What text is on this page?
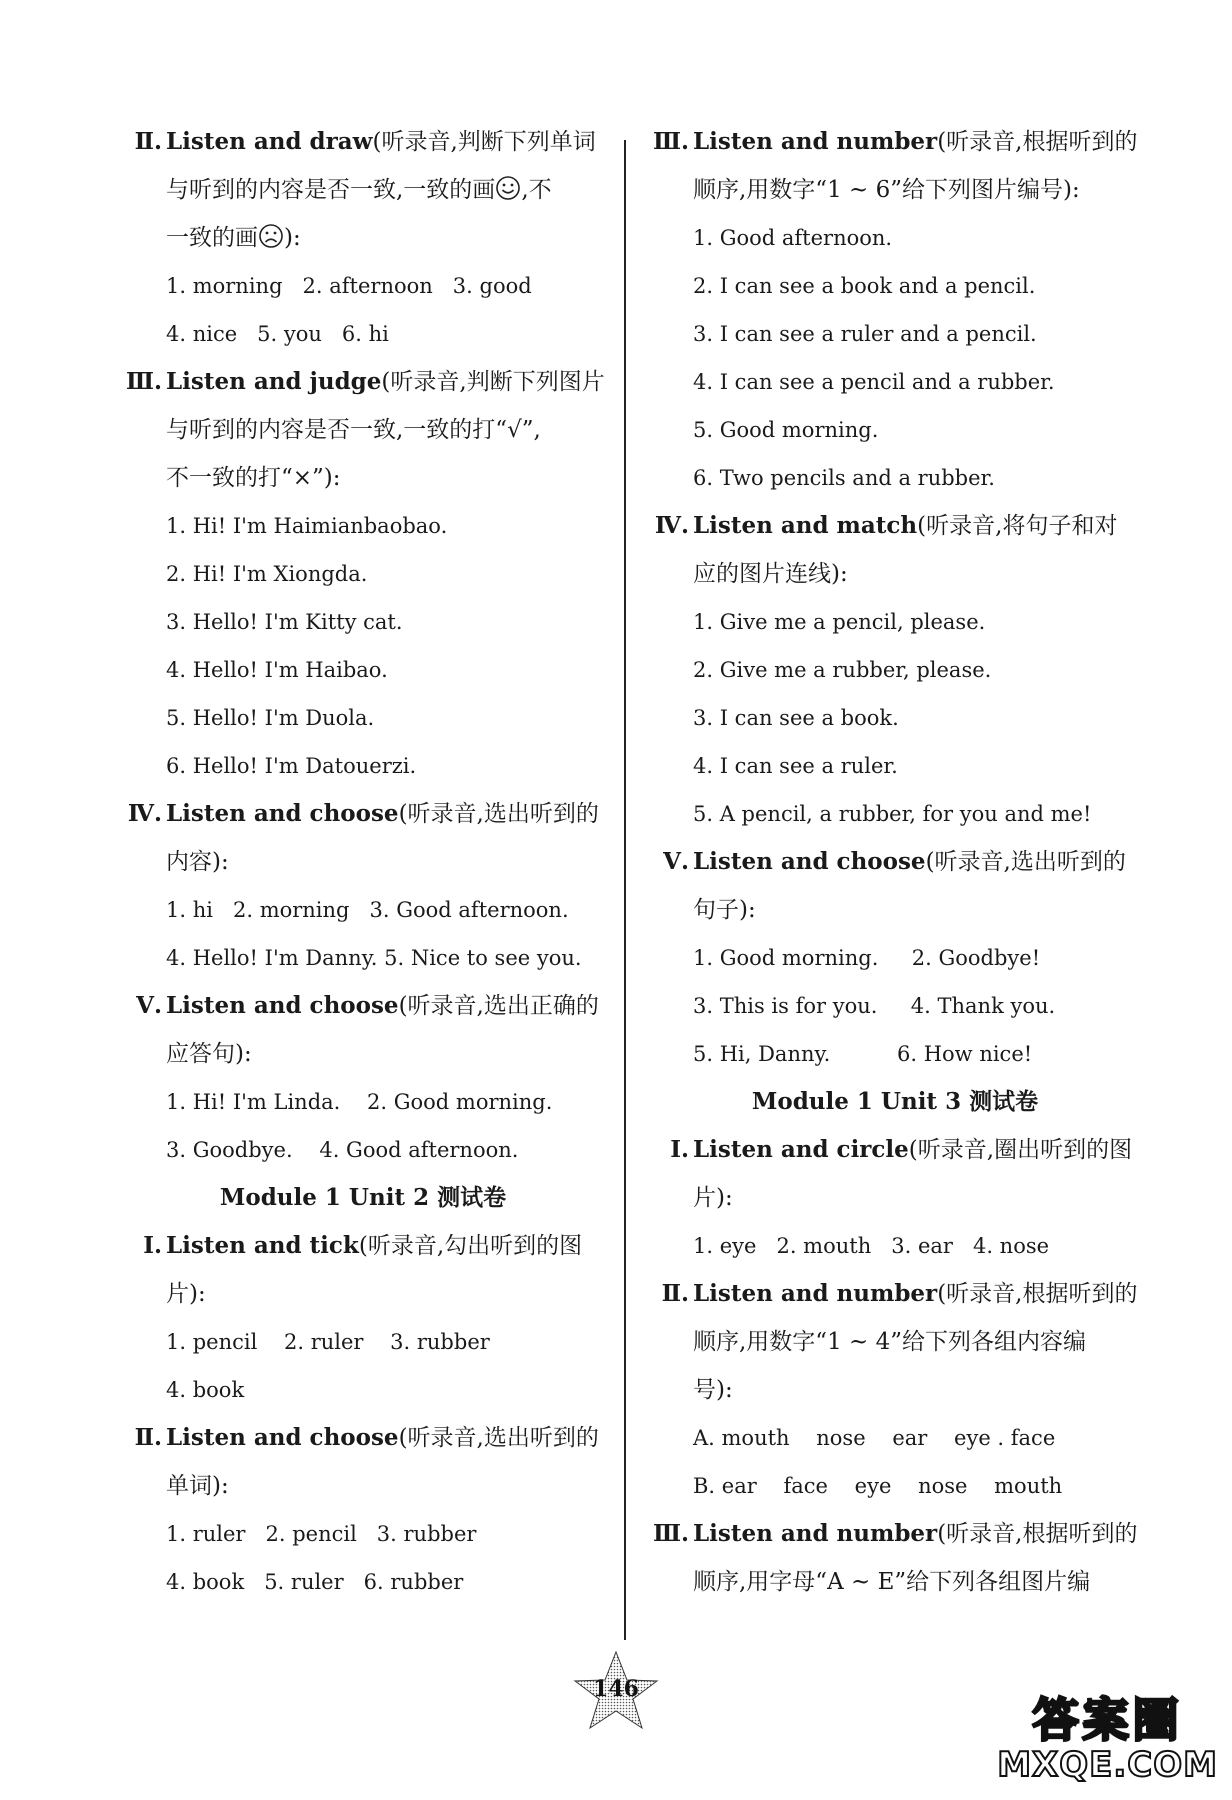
Ⅱ. Listen and draw(听录音,判断下列单词
与听到的内容是否一致,一致的画 ,不
一致的画 ):
1. morning   2. afternoon   3. good
4. nice   5. you   6. hi
Ⅲ. Listen and judge(听录音,判断下列图片
与听到的内容是否一致,一致的打“√”,
不一致的打“×”):
1. Hi! I'm Haimianbaobao.
2. Hi! I'm Xiongda.
3. Hello! I'm Kitty cat.
4. Hello! I'm Haibao.
5. Hello! I'm Duola.
6. Hello! I'm Datouerzi.
Ⅳ. Listen and choose(听录音,选出听到的
内容):
1. hi   2. morning   3. Good afternoon.
4. Hello! I'm Danny. 5. Nice to see you.
Ⅴ. Listen and choose(听录音,选出正确的
应答句):
1. Hi! I'm Linda.    2. Good morning.
3. Goodbye.    4. Good afternoon.
Module 1 Unit 2 测试卷
Ⅰ. Listen and tick(听录音,勾出听到的图
片):
1. pencil    2. ruler    3. rubber
4. book
Ⅱ. Listen and choose(听录音,选出听到的
单词):
1. ruler   2. pencil   3. rubber
4. book   5. ruler   6. rubber
Ⅲ. Listen and number(听录音,根据听到的
顺序,用数字“1 ~ 6”给下列图片编号):
1. Good afternoon.
2. I can see a book and a pencil.
3. I can see a ruler and a pencil.
4. I can see a pencil and a rubber.
5. Good morning.
6. Two pencils and a rubber.
Ⅳ. Listen and match(听录音,将句子和对
应的图片连线):
1. Give me a pencil, please.
2. Give me a rubber, please.
3. I can see a book.
4. I can see a ruler.
5. A pencil, a rubber, for you and me!
Ⅴ. Listen and choose(听录音,选出听到的
句子):
1. Good morning.     2. Goodbye!
3. This is for you.     4. Thank you.
5. Hi, Danny.          6. How nice!
Module 1 Unit 3 测试卷
Ⅰ. Listen and circle(听录音,圈出听到的图
片):
1. eye   2. mouth   3. ear   4. nose
Ⅱ. Listen and number(听录音,根据听到的
顺序,用数字“1 ~ 4”给下列各组内容编
号):
A. mouth    nose    ear    eye . face
B. ear    face    eye    nose    mouth
Ⅲ. Listen and number(听录音,根据听到的
顺序,用字母“A ~ E”给下列各组图片编
146
答案圈
MXQE.COM
